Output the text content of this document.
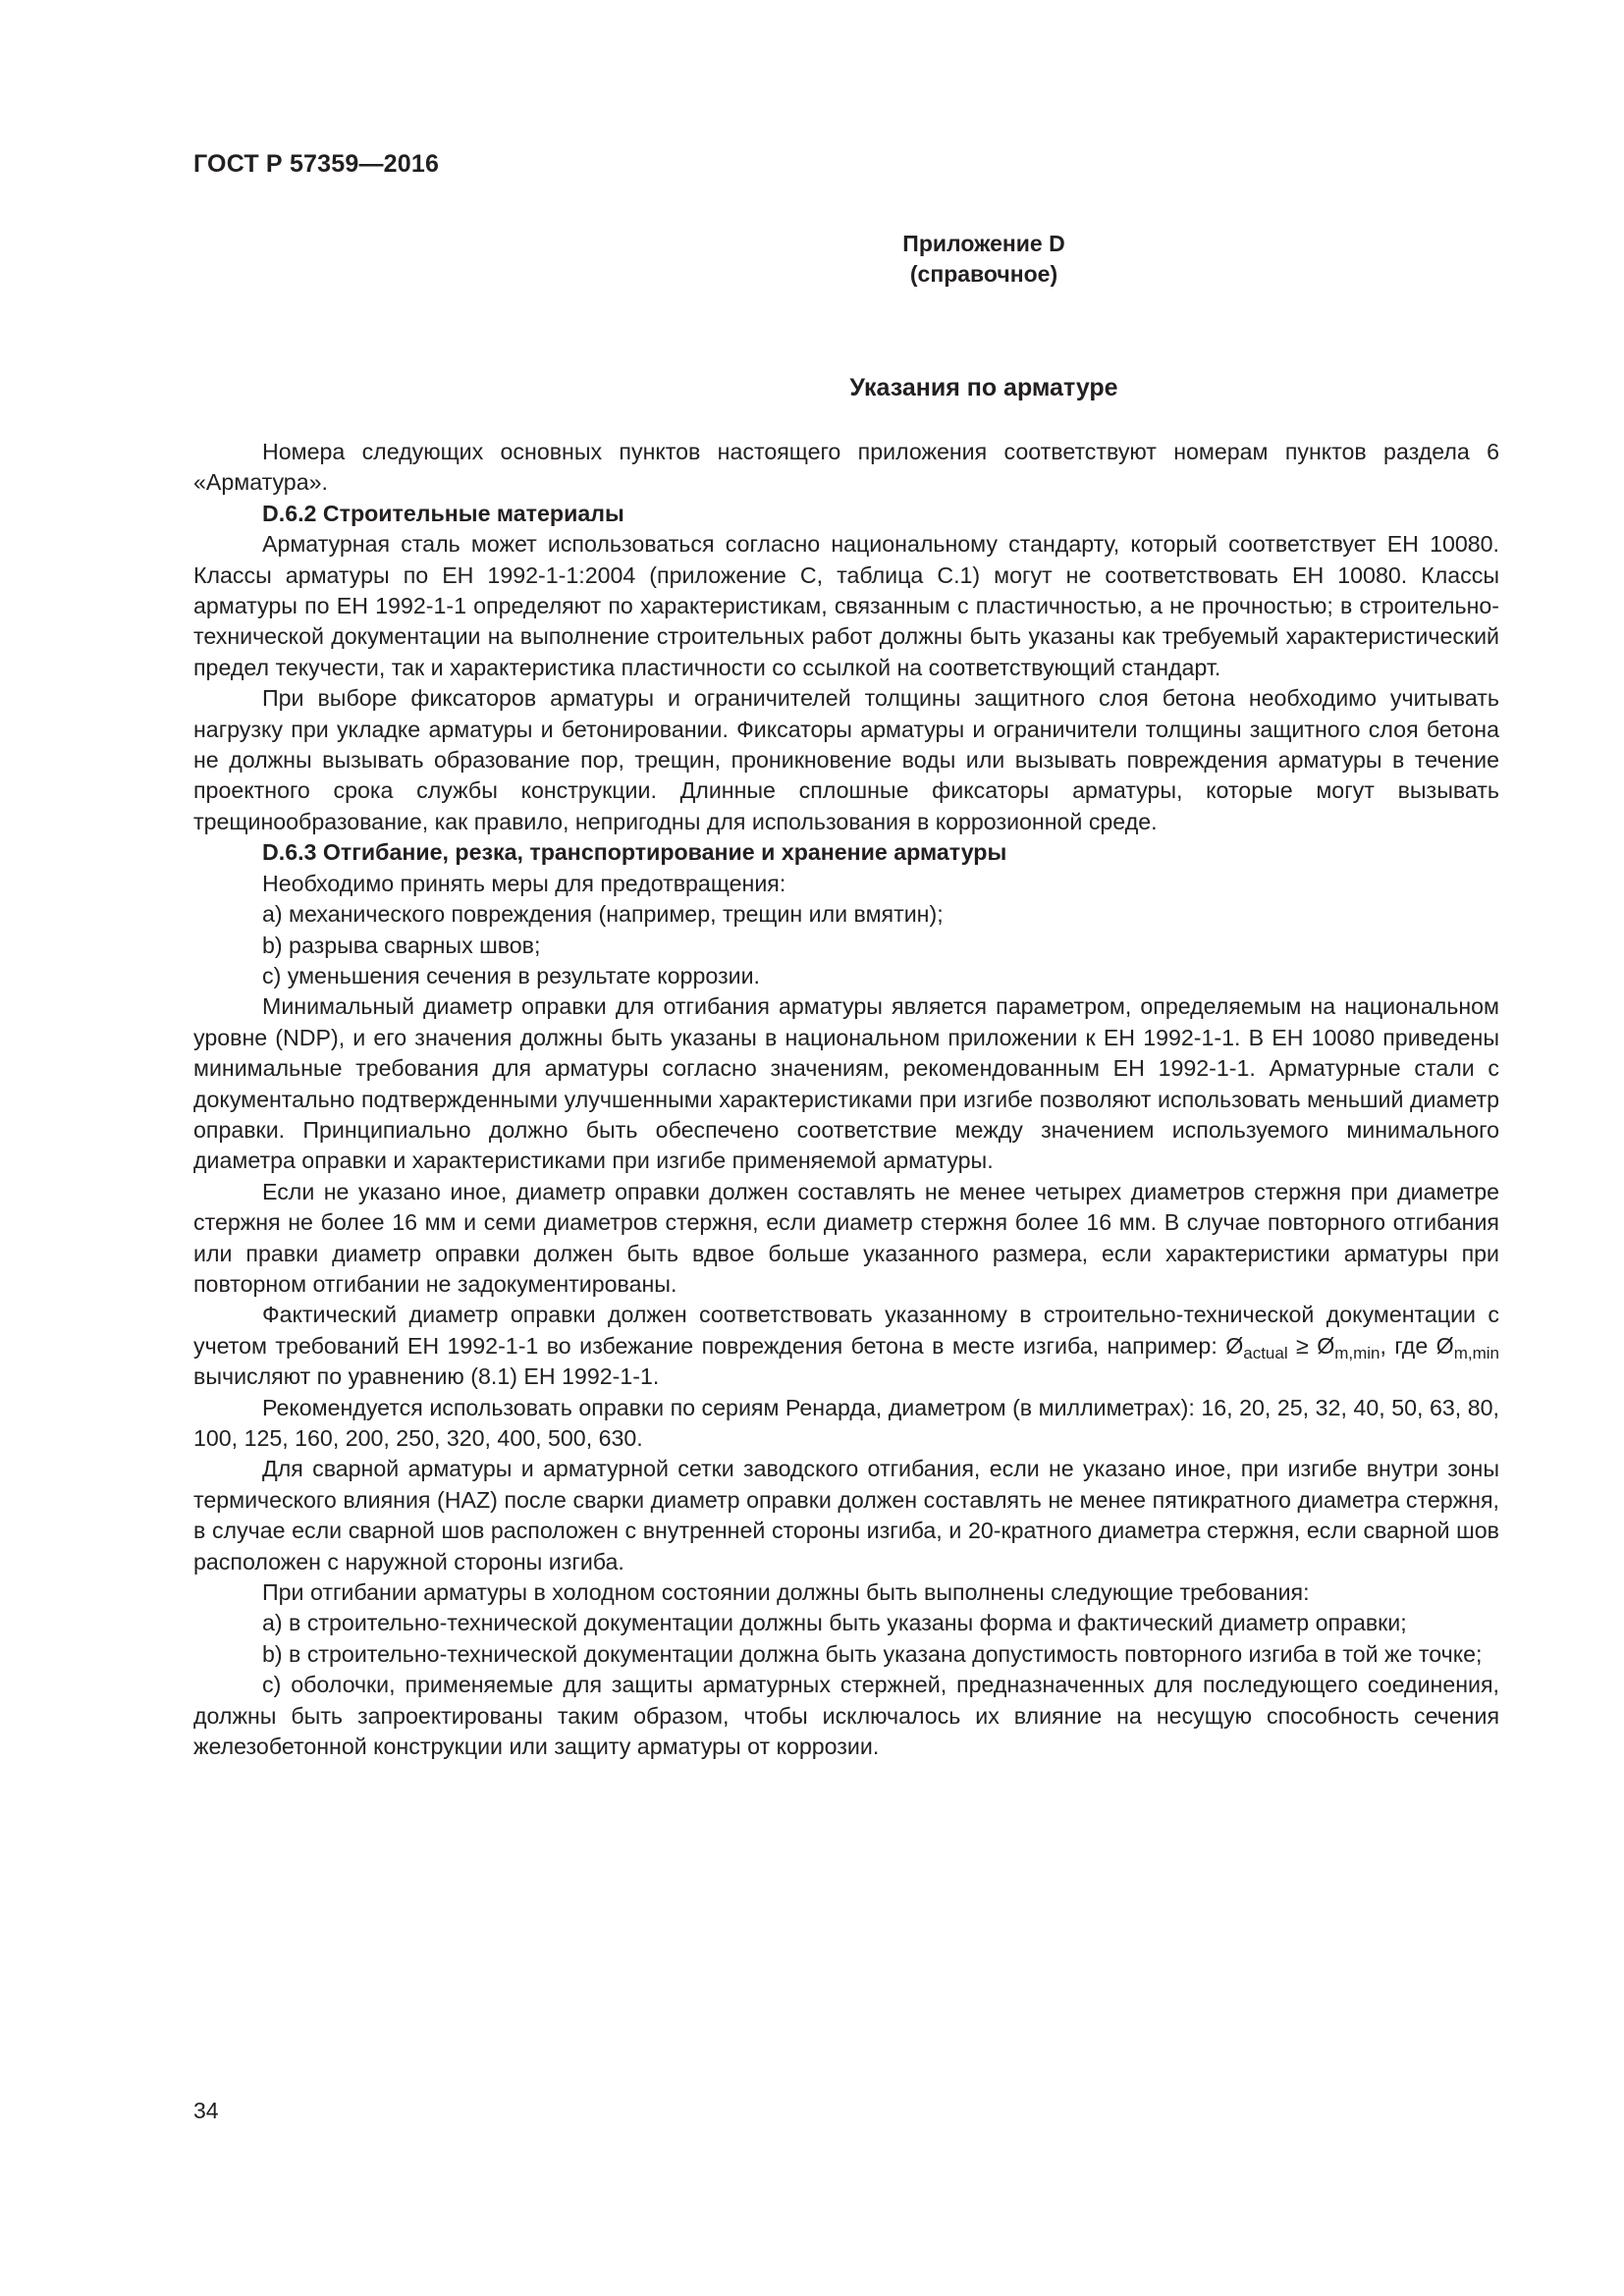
ГОСТ Р 57359—2016

Приложение D
(справочное)

Указания по арматуре

Номера следующих основных пунктов настоящего приложения соответствуют номерам пунктов раздела 6 «Арматура».

D.6.2 Строительные материалы

Арматурная сталь может использоваться согласно национальному стандарту, который соответствует ЕН 10080. Классы арматуры по ЕН 1992-1-1:2004 (приложение С, таблица С.1) могут не соответствовать ЕН 10080. Классы арматуры по ЕН 1992-1-1 определяют по характеристикам, связанным с пластичностью, а не прочностью; в строительно-технической документации на выполнение строительных работ должны быть указаны как требуемый характеристический предел текучести, так и характеристика пластичности со ссылкой на соответствующий стандарт.

При выборе фиксаторов арматуры и ограничителей толщины защитного слоя бетона необходимо учитывать нагрузку при укладке арматуры и бетонировании. Фиксаторы арматуры и ограничители толщины защитного слоя бетона не должны вызывать образование пор, трещин, проникновение воды или вызывать повреждения арматуры в течение проектного срока службы конструкции. Длинные сплошные фиксаторы арматуры, которые могут вызывать трещинообразование, как правило, непригодны для использования в коррозионной среде.

D.6.3 Отгибание, резка, транспортирование и хранение арматуры

Необходимо принять меры для предотвращения:

a) механического повреждения (например, трещин или вмятин);

b) разрыва сварных швов;

c) уменьшения сечения в результате коррозии.

Минимальный диаметр оправки для отгибания арматуры является параметром, определяемым на национальном уровне (NDP), и его значения должны быть указаны в национальном приложении к ЕН 1992-1-1. В ЕН 10080 приведены минимальные требования для арматуры согласно значениям, рекомендованным ЕН 1992-1-1. Арматурные стали с документально подтвержденными улучшенными характеристиками при изгибе позволяют использовать меньший диаметр оправки. Принципиально должно быть обеспечено соответствие между значением используемого минимального диаметра оправки и характеристиками при изгибе применяемой арматуры.

Если не указано иное, диаметр оправки должен составлять не менее четырех диаметров стержня при диаметре стержня не более 16 мм и семи диаметров стержня, если диаметр стержня более 16 мм. В случае повторного отгибания или правки диаметр оправки должен быть вдвое больше указанного размера, если характеристики арматуры при повторном отгибании не задокументированы.

Фактический диаметр оправки должен соответствовать указанному в строительно-технической документации с учетом требований ЕН 1992-1-1 во избежание повреждения бетона в месте изгиба, например: $Ø_{actual}$ ≥ $Ø_{m,min}$, где $Ø_{m,min}$ вычисляют по уравнению (8.1) ЕН 1992-1-1.

Рекомендуется использовать оправки по сериям Ренарда, диаметром (в миллиметрах): 16, 20, 25, 32, 40, 50, 63, 80, 100, 125, 160, 200, 250, 320, 400, 500, 630.

Для сварной арматуры и арматурной сетки заводского отгибания, если не указано иное, при изгибе внутри зоны термического влияния (HAZ) после сварки диаметр оправки должен составлять не менее пятикратного диаметра стержня, в случае если сварной шов расположен с внутренней стороны изгиба, и 20-кратного диаметра стержня, если сварной шов расположен с наружной стороны изгиба.

При отгибании арматуры в холодном состоянии должны быть выполнены следующие требования:

a) в строительно-технической документации должны быть указаны форма и фактический диаметр оправки;

b) в строительно-технической документации должна быть указана допустимость повторного изгиба в той же точке;

c) оболочки, применяемые для защиты арматурных стержней, предназначенных для последующего соединения, должны быть запроектированы таким образом, чтобы исключалось их влияние на несущую способность сечения железобетонной конструкции или защиту арматуры от коррозии.

34
